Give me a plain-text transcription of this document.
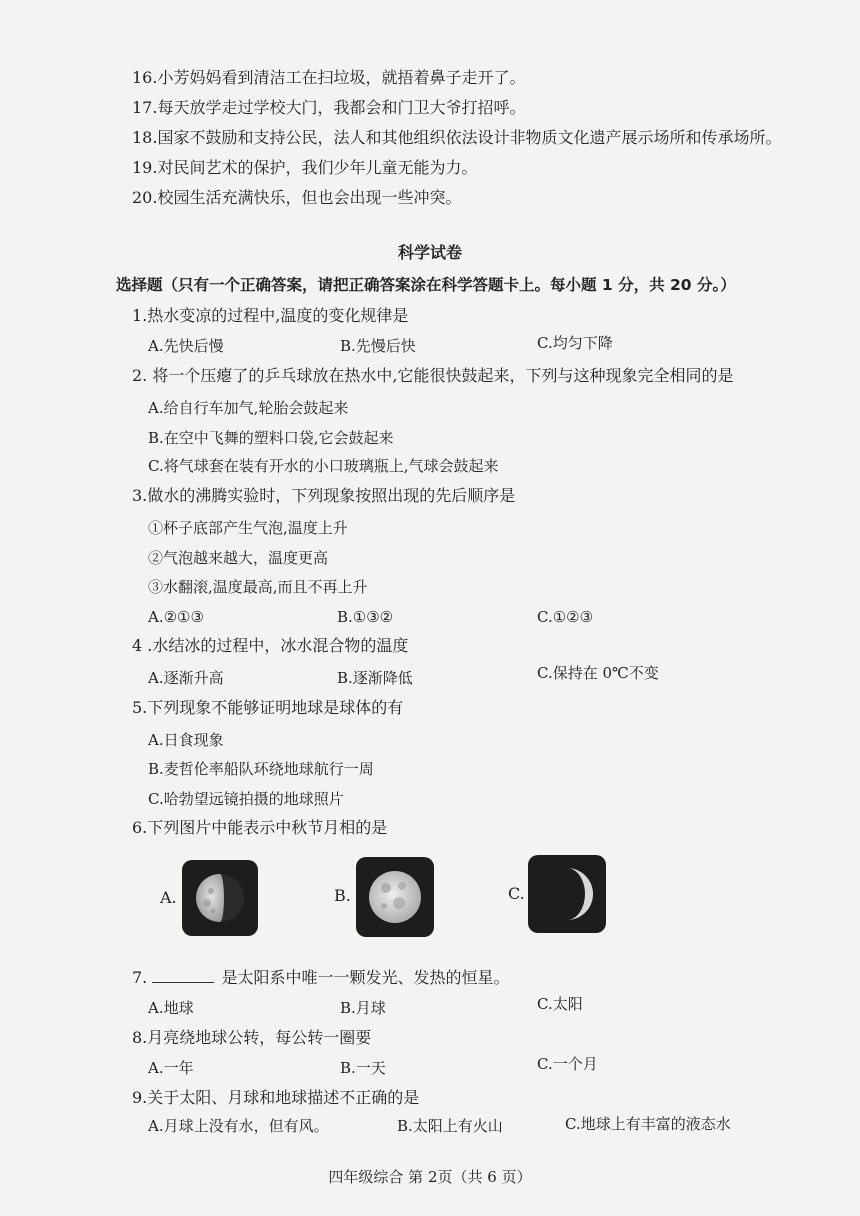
16.小芳妈妈看到清洁工在扫垃圾，就捂着鼻子走开了。
17.每天放学走过学校大门，我都会和门卫大爷打招呼。
18.国家不鼓励和支持公民，法人和其他组织依法设计非物质文化遗产展示场所和传承场所。
19.对民间艺术的保护，我们少年儿童无能为力。
20.校园生活充满快乐，但也会出现一些冲突。
科学试卷
选择题（只有一个正确答案，请把正确答案涂在科学答题卡上。每小题 1 分，共 20 分。）
1.热水变凉的过程中,温度的变化规律是
A.先快后慢	B.先慢后快	C.均匀下降
2. 将一个压瘪了的乒乓球放在热水中,它能很快鼓起来，下列与这种现象完全相同的是
A.给自行车加气,轮胎会鼓起来
B.在空中飞舞的塑料口袋,它会鼓起来
C.将气球套在装有开水的小口玻璃瓶上,气球会鼓起来
3.做水的沸腾实验时，下列现象按照出现的先后顺序是
①杯子底部产生气泡,温度上升
②气泡越来越大，温度更高
③水翻滚,温度最高,而且不再上升
A.②①③	B.①③②	C.①②③
4 .水结冰的过程中，冰水混合物的温度
A.逐渐升高	B.逐渐降低	C.保持在 0℃不变
5.下列现象不能够证明地球是球体的有
A.日食现象
B.麦哲伦率船队环绕地球航行一周
C.哈勃望远镜拍摄的地球照片
6.下列图片中能表示中秋节月相的是
A.	B.	C.
7.	是太阳系中唯一一颗发光、发热的恒星。
A.地球	B.月球	C.太阳
8.月亮绕地球公转，每公转一圈要
A.一年	B.一天	C.一个月
9.关于太阳、月球和地球描述不正确的是
A.月球上没有水，但有风。	B.太阳上有火山	C.地球上有丰富的液态水
四年级综合 第 2页（共 6 页）
